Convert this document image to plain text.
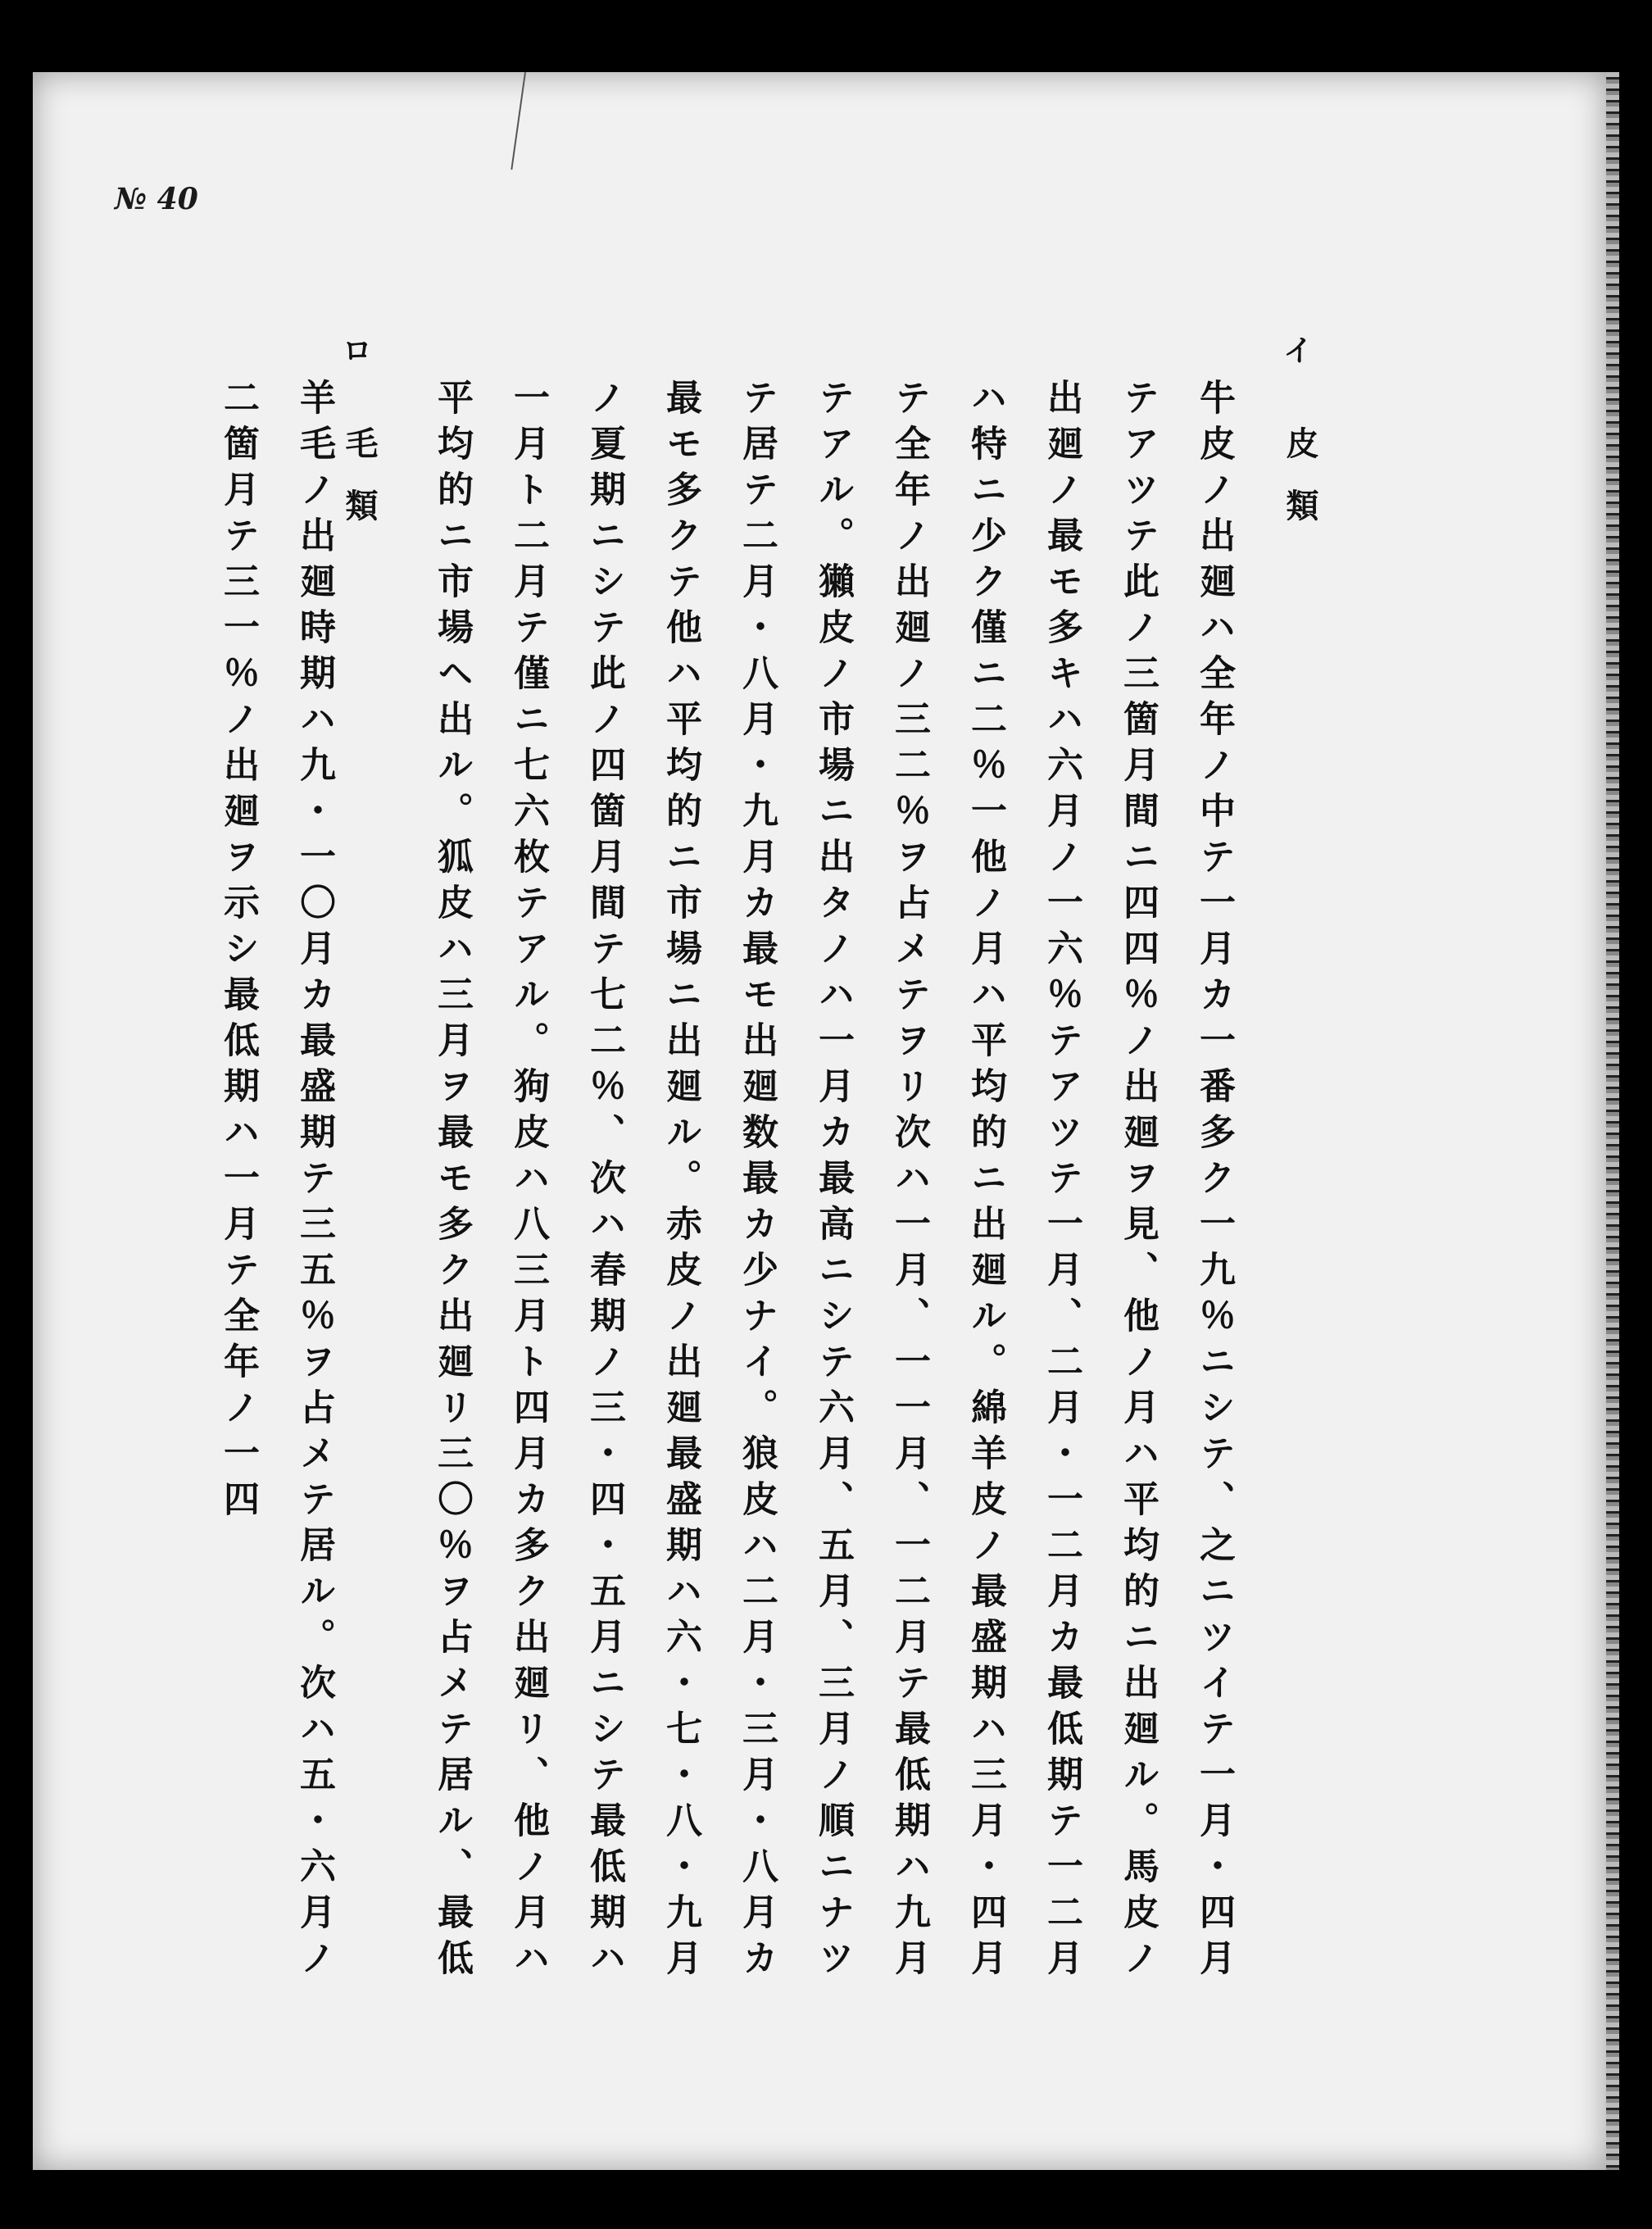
№ 40
イ
皮類
ロ
毛類

牛皮ノ出廻ハ全年ノ中テ一月カ一番多ク一九％ニシテ、之ニツイテ一月・四月テアツテ此ノ三箇月間ニ四四％ノ出廻ヲ見、他ノ月ハ平均的ニ出廻ル。馬皮ノ出廻ノ最モ多キハ六月ノ一六％テアツテ一月、二月・一二月カ最低期テ一二月ハ特ニ少ク僅ニ二％一他ノ月ハ平均的ニ出廻ル。綿羊皮ノ最盛期ハ三月・四月テ全年ノ出廻ノ三二％ヲ占メテヲリ次ハ一月、一一月、一二月テ最低期ハ九月テアル。獺皮ノ市場ニ出タノハ一月カ最高ニシテ六月、五月、三月ノ順ニナツテ居テ二月・八月・九月カ最モ出廻数最カ少ナイ。狼皮ハ二月・三月・八月カ最モ多クテ他ハ平均的ニ市場ニ出廻ル。赤皮ノ出廻最盛期ハ六・七・八・九月ノ夏期ニシテ此ノ四箇月間テ七二％、次ハ春期ノ三・四・五月ニシテ最低期ハ一月ト二月テ僅ニ七六枚テアル。狗皮ハ八三月ト四月カ多ク出廻リ、他ノ月ハ平均的ニ市場ヘ出ル。狐皮ハ三月ヲ最モ多ク出廻リ三〇％ヲ占メテ居ル、最低

羊毛ノ出廻時期ハ九・一〇月カ最盛期テ三五％ヲ占メテ居ル。次ハ五・六月ノ二箇月テ三一％ノ出廻ヲ示シ最低期ハ一月テ全年ノ一四
